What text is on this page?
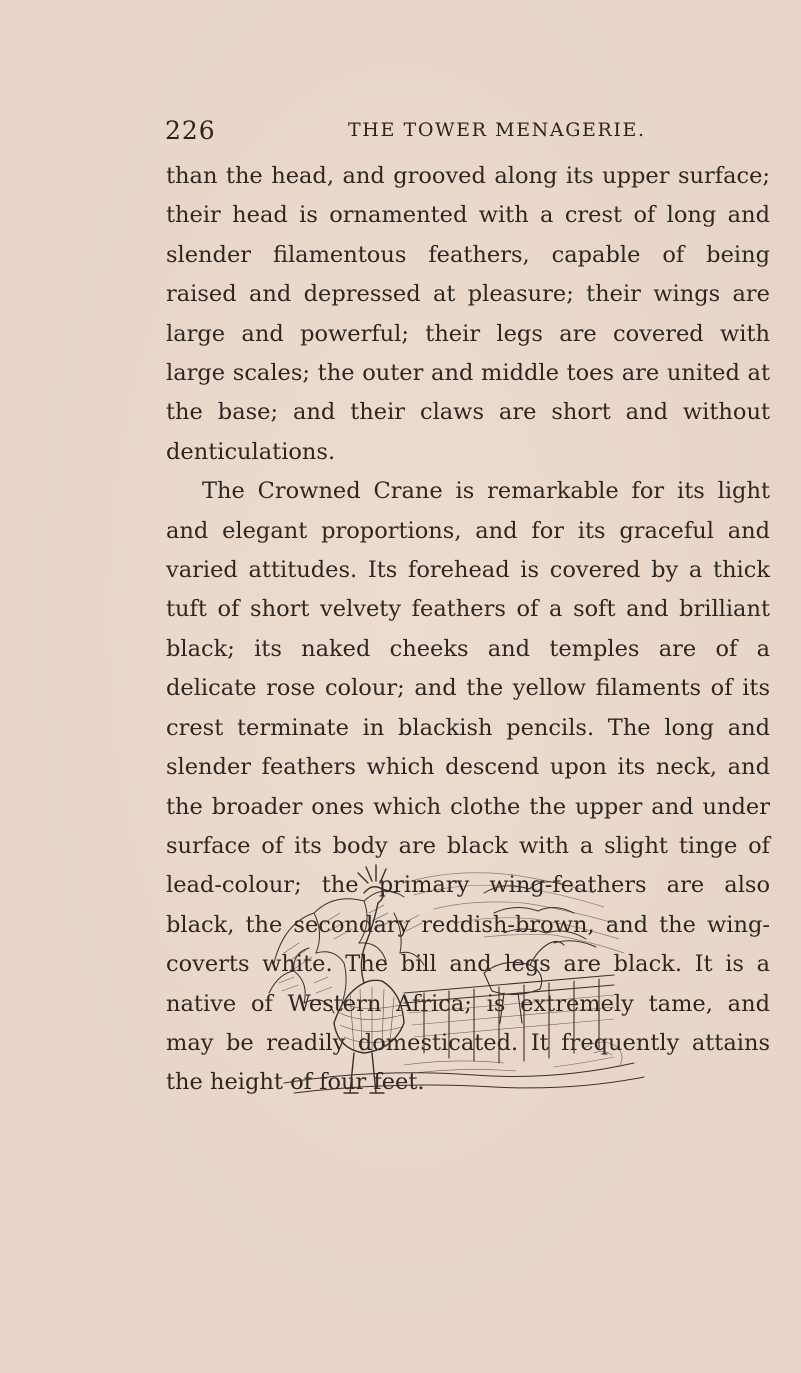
226	THE TOWER MENAGERIE.

than the head, and grooved along its upper surface; their head is ornamented with a crest of long and slender filamentous feathers, capable of being raised and depressed at pleasure; their wings are large and powerful; their legs are covered with large scales; the outer and middle toes are united at the base; and their claws are short and without denticulations.

The Crowned Crane is remarkable for its light and elegant proportions, and for its graceful and varied attitudes. Its forehead is covered by a thick tuft of short velvety feathers of a soft and brilliant black; its naked cheeks and temples are of a delicate rose colour; and the yellow filaments of its crest terminate in blackish pencils. The long and slender feathers which descend upon its neck, and the broader ones which clothe the upper and under surface of its body are black with a slight tinge of lead-colour; the primary wing-feathers are also black, the secondary reddish-brown, and the wing-coverts white. The bill and legs are black. It is a native of Western Africa; is extremely tame, and may be readily domesticated. It frequently attains the height of four feet.
